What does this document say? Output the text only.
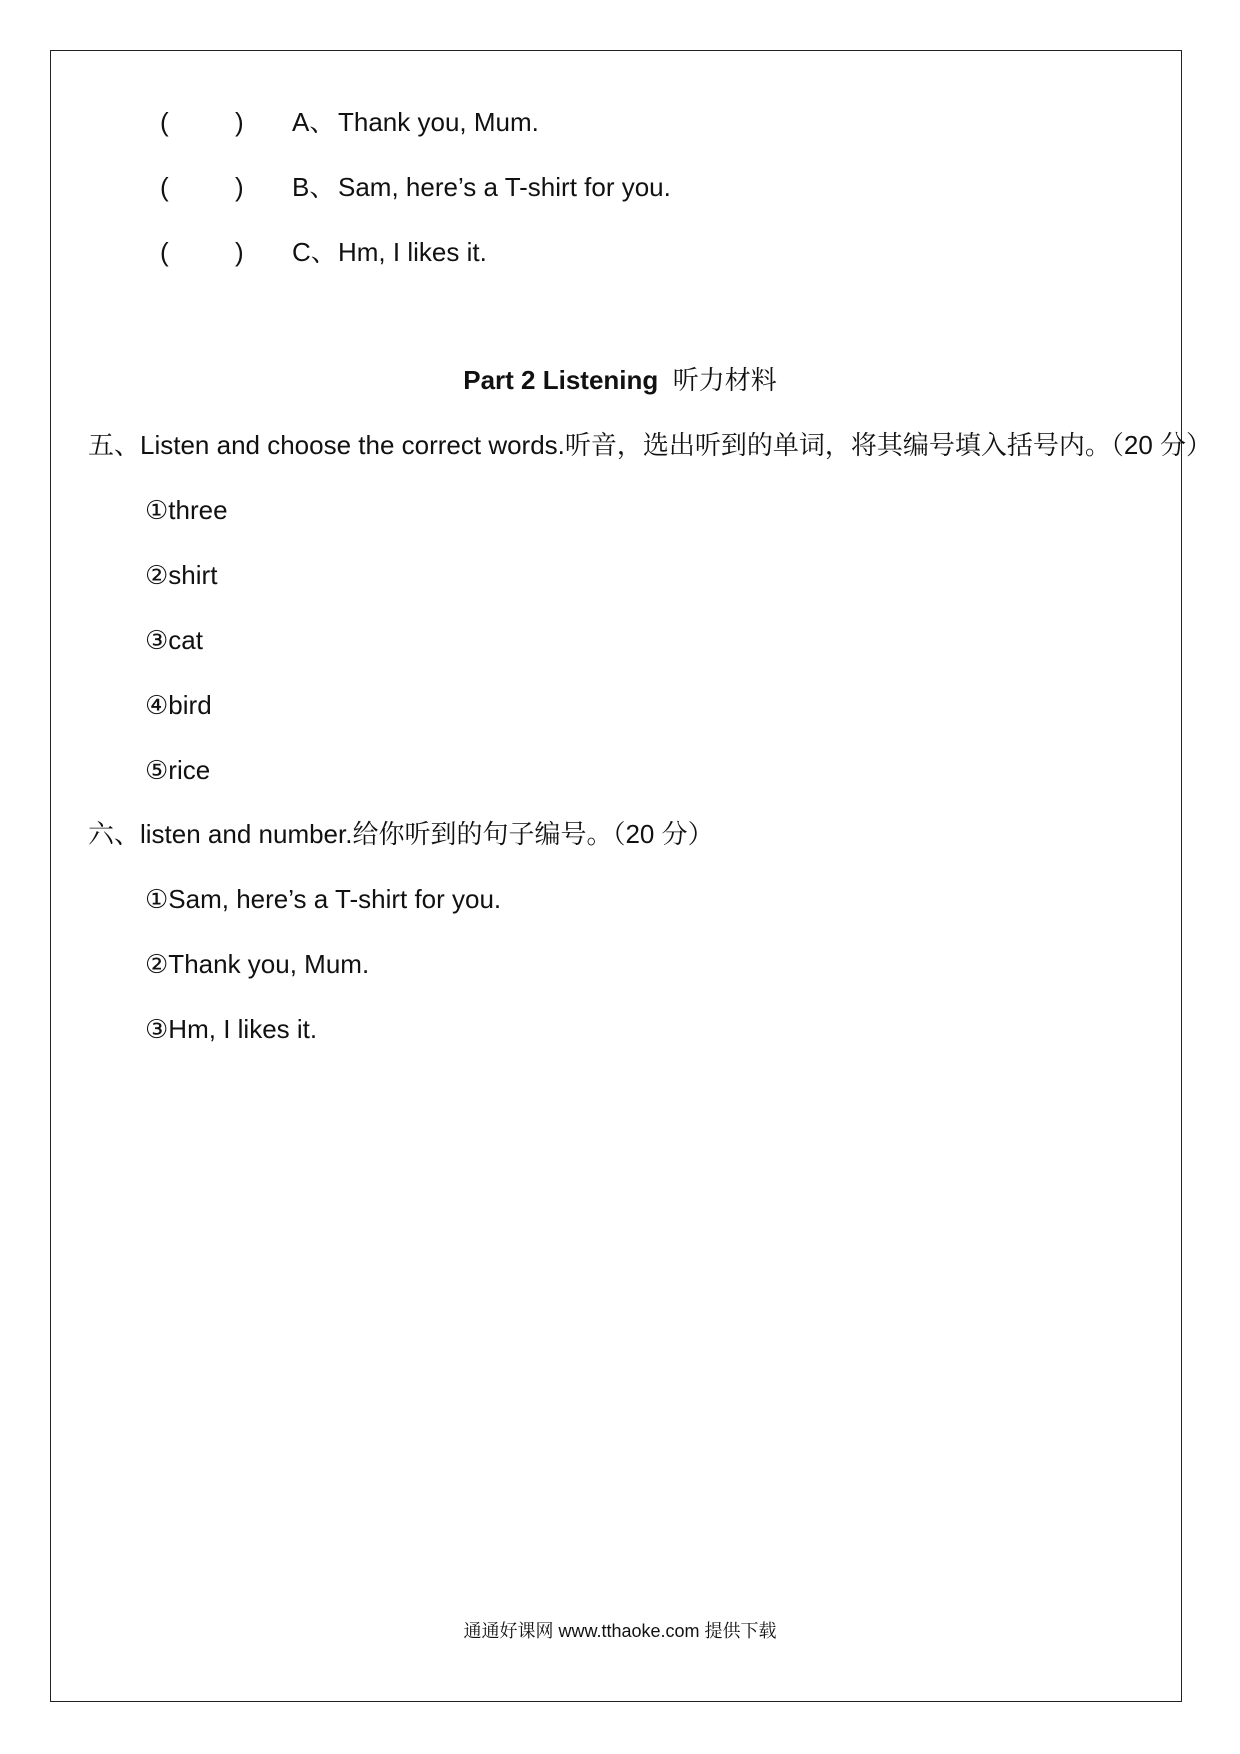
(	) A、 Thank you, Mum.
(	) B、 Sam, here’s a T-shirt for you.
(	) C、 Hm, I likes it.
Part 2 Listening 听力材料
五、Listen and choose the correct words.听音，选出听到的单词，将其编号填入括号内。（20 分）
①three
②shirt
③cat
④bird
⑤rice
六、listen and number.给你听到的句子编号。（20 分）
①Sam, here’s a T-shirt for you.
②Thank you, Mum.
③Hm, I likes it.
通通好课网 www.tthaoke.com 提供下载
